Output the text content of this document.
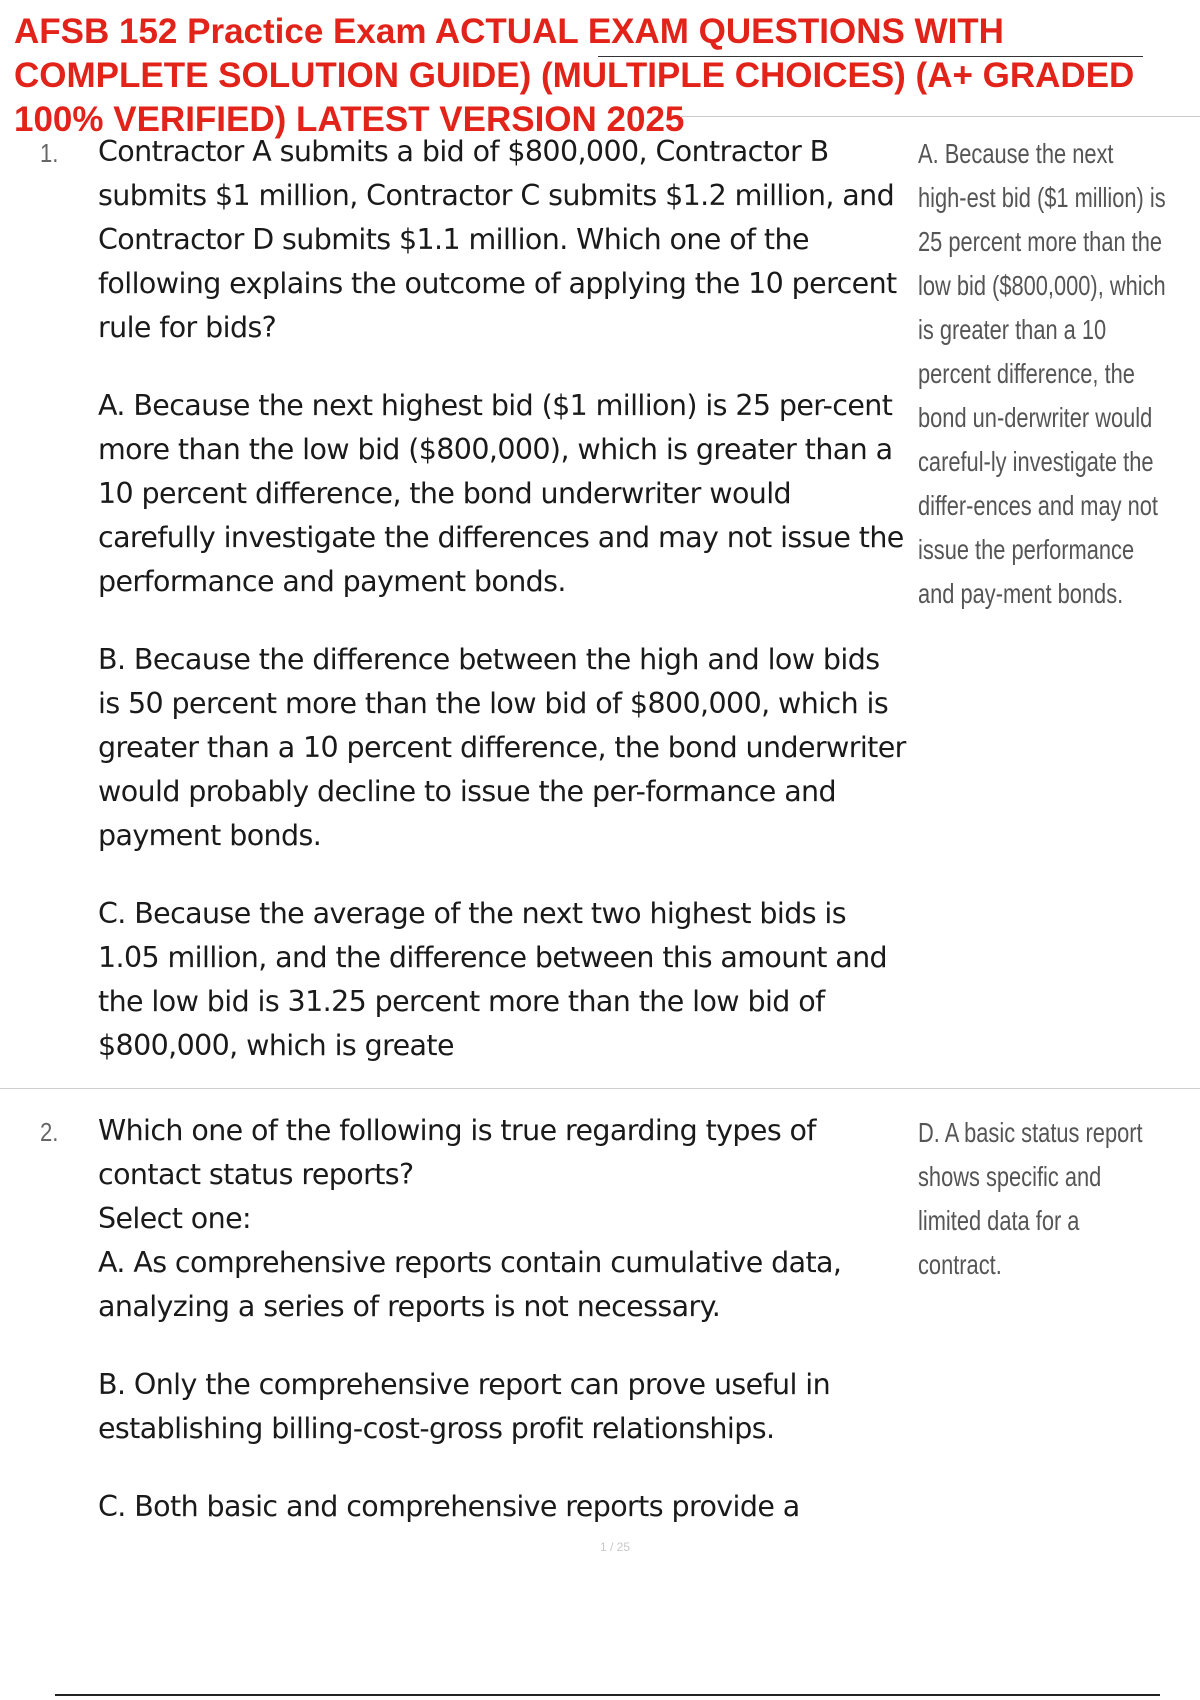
AFSB 152 Practice Exam ACTUAL EXAM QUESTIONS WITH COMPLETE SOLUTION GUIDE) (MULTIPLE CHOICES) (A+ GRADED 100% VERIFIED) LATEST VERSION 2025
1. Contractor A submits a bid of $800,000, Contractor B submits $1 million, Contractor C submits $1.2 million, and Contractor D submits $1.1 million. Which one of the following explains the outcome of applying the 10 percent rule for bids?

A. Because the next highest bid ($1 million) is 25 per-cent more than the low bid ($800,000), which is greater than a 10 percent difference, the bond underwriter would carefully investigate the differences and may not issue the performance and payment bonds.

B. Because the difference between the high and low bids is 50 percent more than the low bid of $800,000, which is greater than a 10 percent difference, the bond underwriter would probably decline to issue the per-formance and payment bonds.

C. Because the average of the next two highest bids is 1.05 million, and the difference between this amount and the low bid is 31.25 percent more than the low bid of $800,000, which is greate

A. Because the next high-est bid ($1 million) is 25 percent more than the low bid ($800,000), which is greater than a 10 percent difference, the bond un-derwriter would careful-ly investigate the differ-ences and may not issue the performance and pay-ment bonds.
2. Which one of the following is true regarding types of contact status reports?

Select one:

A. As comprehensive reports contain cumulative data, analyzing a series of reports is not necessary.

B. Only the comprehensive report can prove useful in establishing billing-cost-gross profit relationships.

C. Both basic and comprehensive reports provide a

D. A basic status report shows specific and limited data for a contract.
1 / 25
